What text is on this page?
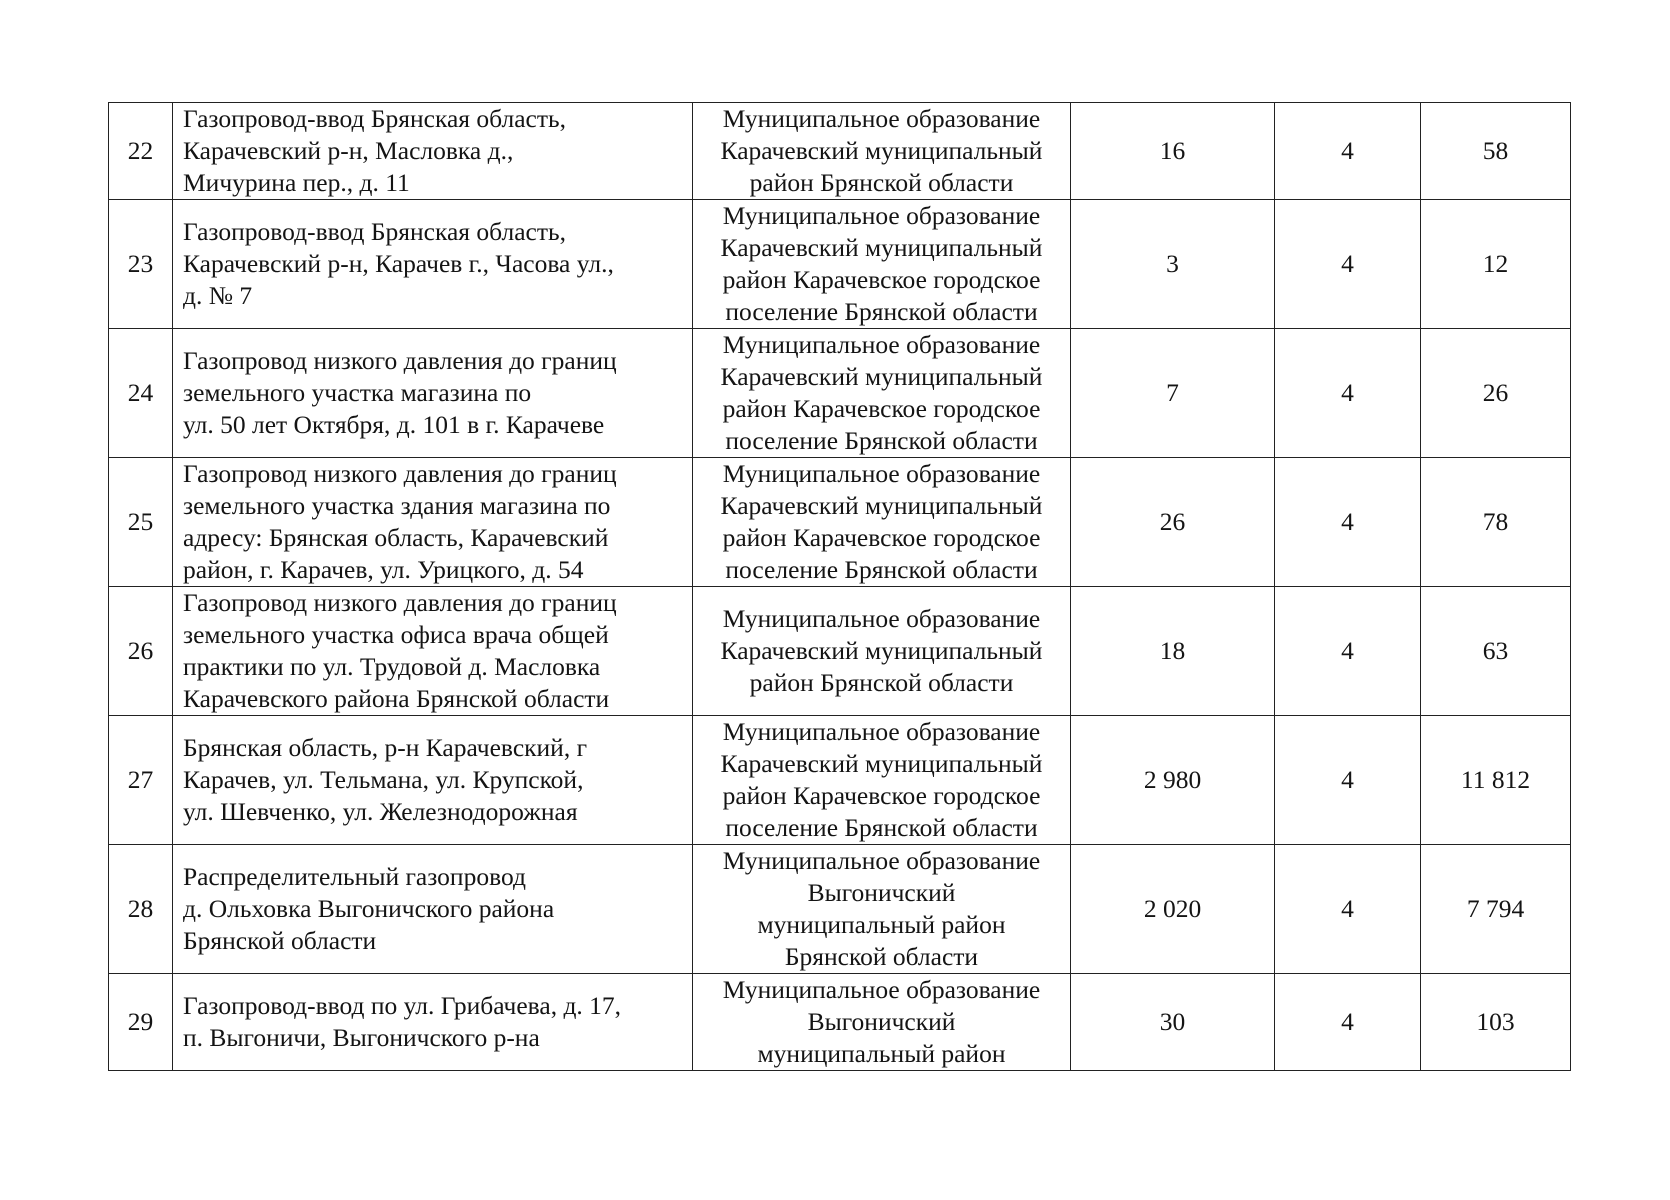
22	Газопровод-ввод Брянская область,
Карачевский р-н, Масловка д.,
Мичурина пер., д. 11	Муниципальное образование
Карачевский муниципальный
район Брянской области	16	4	58
23	Газопровод-ввод Брянская область,
Карачевский р-н, Карачев г., Часова ул.,
д. № 7	Муниципальное образование
Карачевский муниципальный
район Карачевское городское
поселение Брянской области	3	4	12
24	Газопровод низкого давления до границ
земельного участка магазина по
ул. 50 лет Октября, д. 101 в г. Карачеве	Муниципальное образование
Карачевский муниципальный
район Карачевское городское
поселение Брянской области	7	4	26
25	Газопровод низкого давления до границ
земельного участка здания магазина по
адресу: Брянская область, Карачевский
район, г. Карачев, ул. Урицкого, д. 54	Муниципальное образование
Карачевский муниципальный
район Карачевское городское
поселение Брянской области	26	4	78
26	Газопровод низкого давления до границ
земельного участка офиса врача общей
практики по ул. Трудовой д. Масловка
Карачевского района Брянской области	Муниципальное образование
Карачевский муниципальный
район Брянской области	18	4	63
27	Брянская область, р-н Карачевский, г
Карачев, ул. Тельмана, ул. Крупской,
ул. Шевченко, ул. Железнодорожная	Муниципальное образование
Карачевский муниципальный
район Карачевское городское
поселение Брянской области	2 980	4	11 812
28	Распределительный газопровод
д. Ольховка Выгоничского района
Брянской области	Муниципальное образование
Выгоничский
муниципальный район
Брянской области	2 020	4	7 794
29	Газопровод-ввод по ул. Грибачева, д. 17,
п. Выгоничи, Выгоничского р-на	Муниципальное образование
Выгоничский
муниципальный район	30	4	103
